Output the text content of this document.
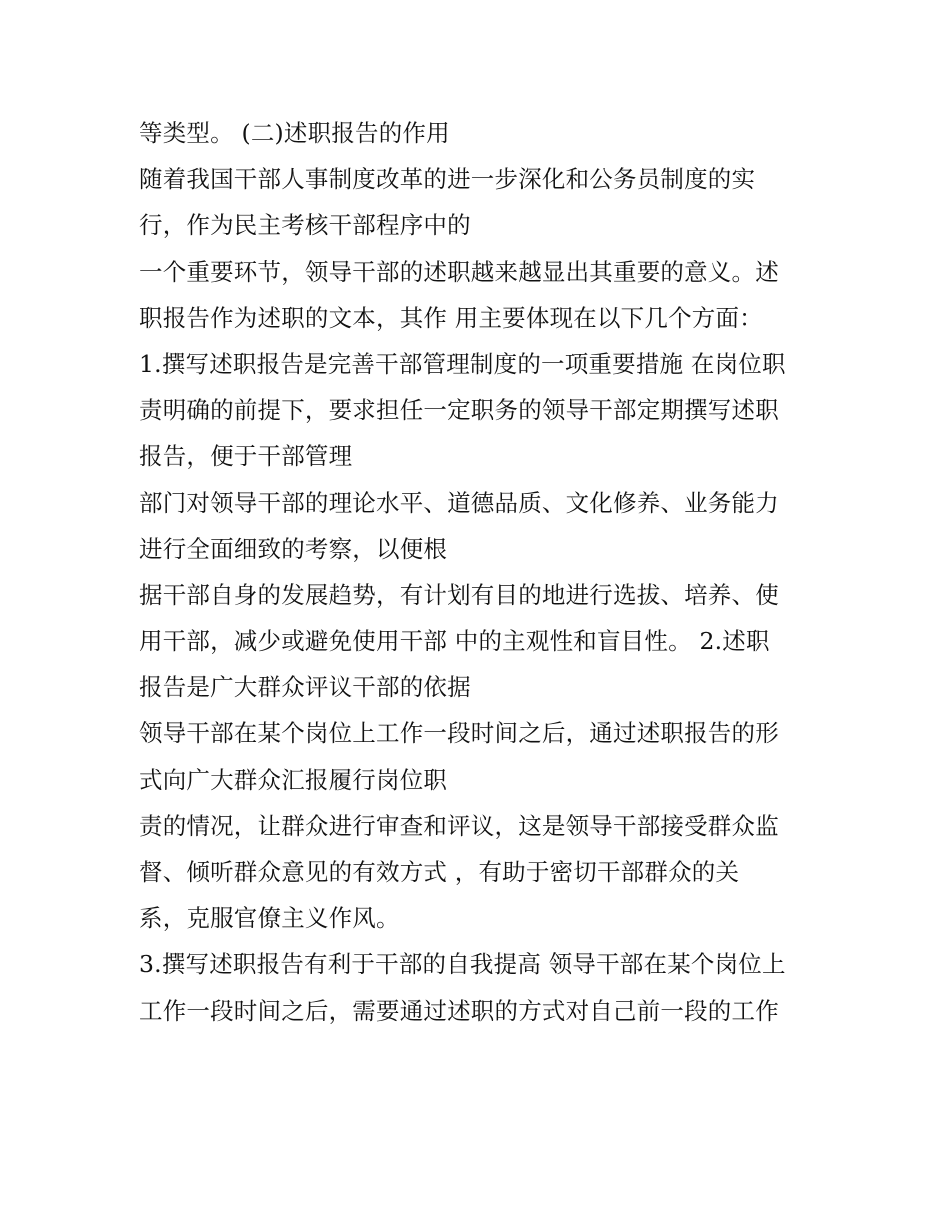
等类型。 (二)述职报告的作用
随着我国干部人事制度改革的进一步深化和公务员制度的实
行，作为民主考核干部程序中的
一个重要环节，领导干部的述职越来越显出其重要的意义。述
职报告作为述职的文本，其作 用主要体现在以下几个方面：
1.撰写述职报告是完善干部管理制度的一项重要措施 在岗位职
责明确的前提下，要求担任一定职务的领导干部定期撰写述职
报告，便于干部管理
部门对领导干部的理论水平、道德品质、文化修养、业务能力
进行全面细致的考察，以便根
据干部自身的发展趋势，有计划有目的地进行选拔、培养、使
用干部，减少或避免使用干部 中的主观性和盲目性。 2.述职
报告是广大群众评议干部的依据
领导干部在某个岗位上工作一段时间之后，通过述职报告的形
式向广大群众汇报履行岗位职
责的情况，让群众进行审查和评议，这是领导干部接受群众监
督、倾听群众意见的有效方式 ，有助于密切干部群众的关
系，克服官僚主义作风。
3.撰写述职报告有利于干部的自我提高 领导干部在某个岗位上
工作一段时间之后，需要通过述职的方式对自己前一段的工作
